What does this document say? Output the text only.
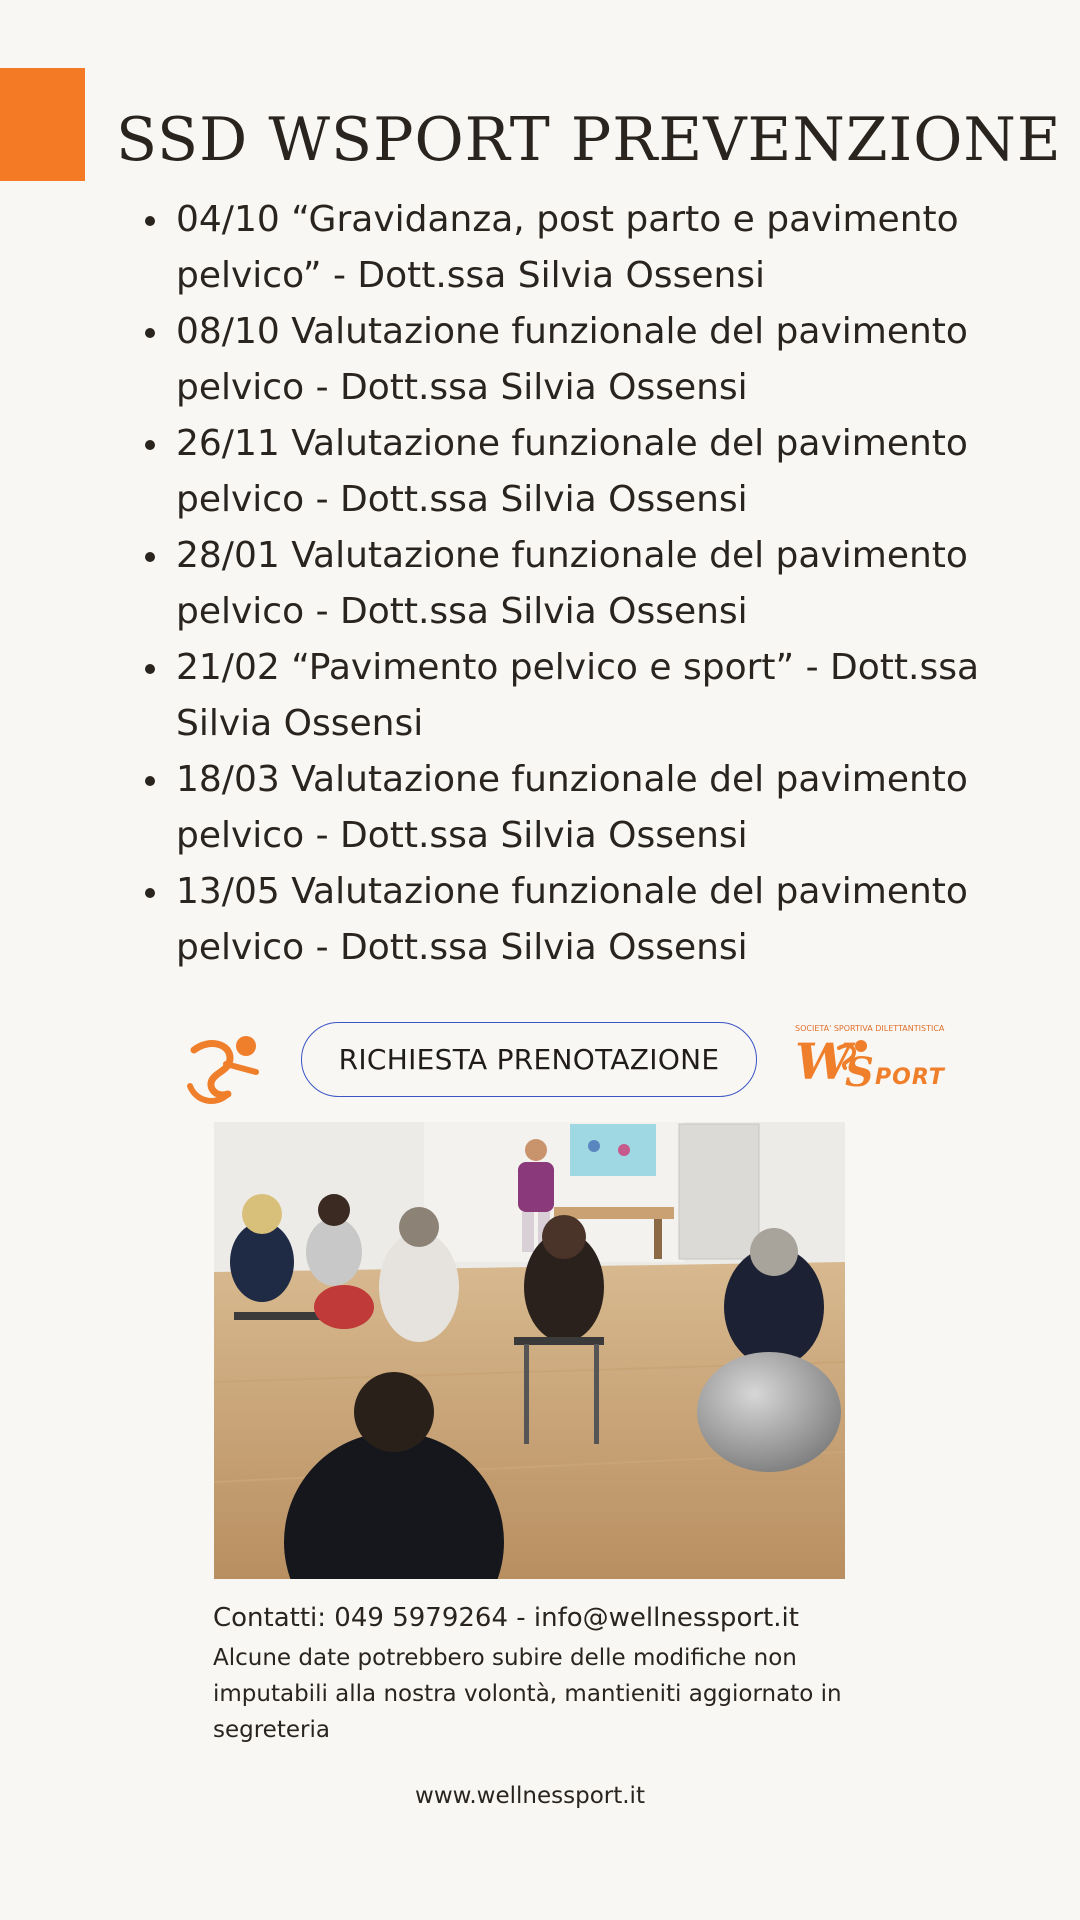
SSD WSPORT PREVENZIONE
04/10 “Gravidanza, post parto e pavimento pelvico” - Dott.ssa Silvia Ossensi
08/10 Valutazione funzionale del pavimento pelvico - Dott.ssa Silvia Ossensi
26/11 Valutazione funzionale del pavimento pelvico - Dott.ssa Silvia Ossensi
28/01 Valutazione funzionale del pavimento pelvico - Dott.ssa Silvia Ossensi
21/02 “Pavimento pelvico e sport” - Dott.ssa Silvia Ossensi
18/03 Valutazione funzionale del pavimento pelvico - Dott.ssa Silvia Ossensi
13/05 Valutazione funzionale del pavimento pelvico - Dott.ssa Silvia Ossensi
RICHIESTA PRENOTAZIONE
SOCIETA' SPORTIVA DILETTANTISTICA
W
S PORT
Contatti: 049 5979264 - info@wellnessport.it
Alcune date potrebbero subire delle modifiche non imputabili alla nostra volontà, mantieniti aggiornato in segreteria
www.wellnessport.it
